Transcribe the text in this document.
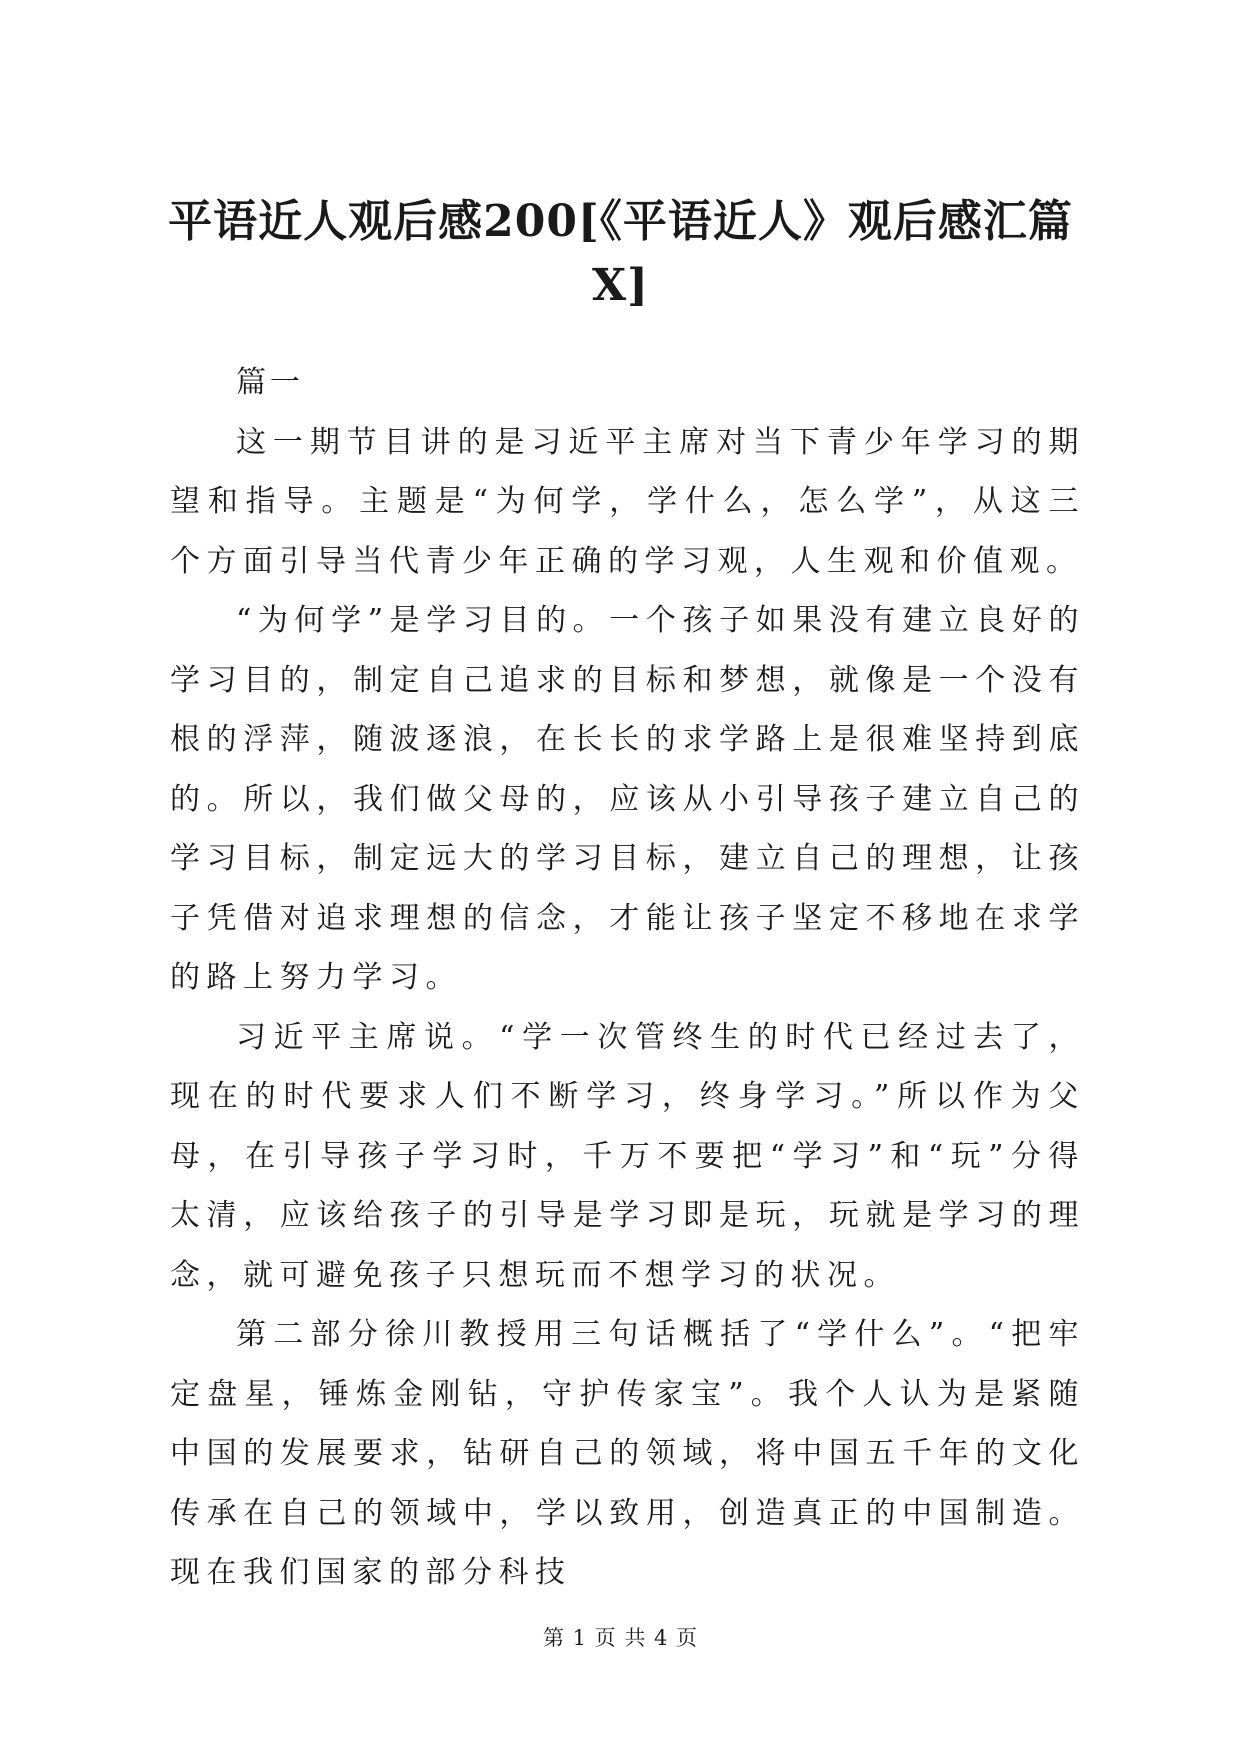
平语近人观后感200[《平语近人》观后感汇篇X]

篇一

这一期节目讲的是习近平主席对当下青少年学习的期望和指导。主题是“为何学，学什么，怎么学”，从这三个方面引导当代青少年正确的学习观，人生观和价值观。

“为何学”是学习目的。一个孩子如果没有建立良好的学习目的，制定自己追求的目标和梦想，就像是一个没有根的浮萍，随波逐浪，在长长的求学路上是很难坚持到底的。所以，我们做父母的，应该从小引导孩子建立自己的学习目标，制定远大的学习目标，建立自己的理想，让孩子凭借对追求理想的信念，才能让孩子坚定不移地在求学的路上努力学习。

习近平主席说。“学一次管终生的时代已经过去了，现在的时代要求人们不断学习，终身学习。”所以作为父母，在引导孩子学习时，千万不要把“学习”和“玩”分得太清，应该给孩子的引导是学习即是玩，玩就是学习的理念，就可避免孩子只想玩而不想学习的状况。

第二部分徐川教授用三句话概括了“学什么”。“把牢定盘星，锤炼金刚钻，守护传家宝”。我个人认为是紧随中国的发展要求，钻研自己的领域，将中国五千年的文化传承在自己的领域中，学以致用，创造真正的中国制造。现在我们国家的部分科技

第 1 页 共 4 页
